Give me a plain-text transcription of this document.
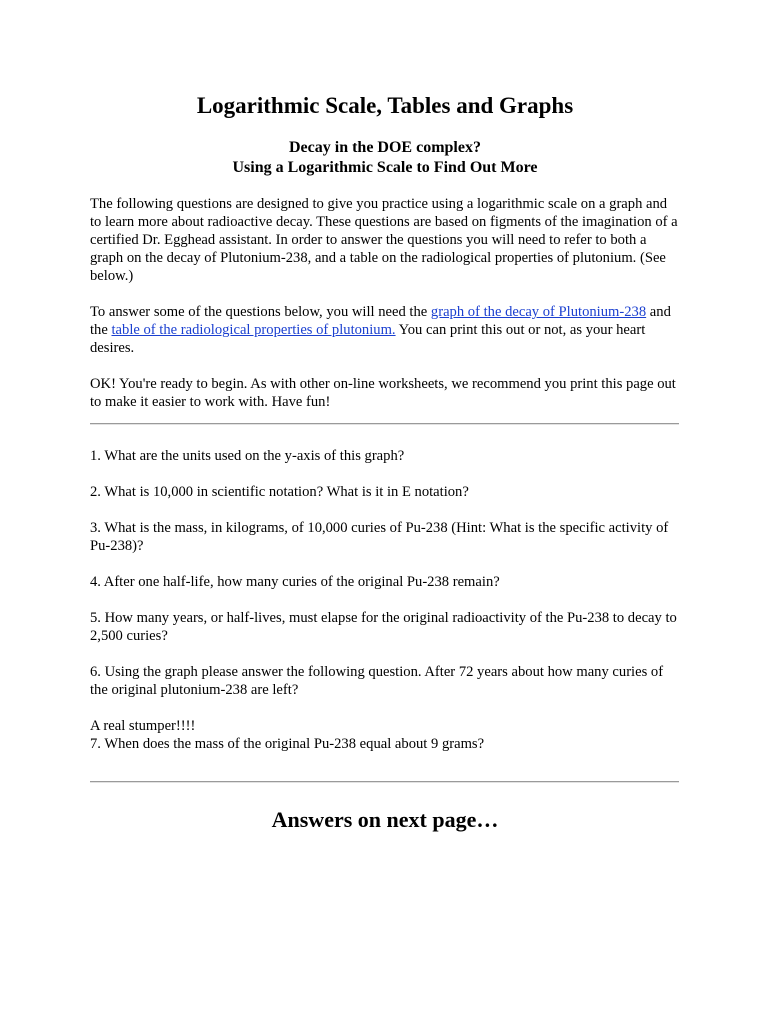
Logarithmic Scale, Tables and Graphs
Decay in the DOE complex?
Using a Logarithmic Scale to Find Out More

The following questions are designed to give you practice using a logarithmic scale on a graph and to learn more about radioactive decay. These questions are based on figments of the imagination of a certified Dr. Egghead assistant. In order to answer the questions you will need to refer to both a graph on the decay of Plutonium-238, and a table on the radiological properties of plutonium. (See below.)

To answer some of the questions below, you will need the graph of the decay of Plutonium-238 and the table of the radiological properties of plutonium. You can print this out or not, as your heart desires.

OK! You're ready to begin. As with other on-line worksheets, we recommend you print this page out to make it easier to work with. Have fun!

1. What are the units used on the y-axis of this graph?

2. What is 10,000 in scientific notation? What is it in E notation?

3. What is the mass, in kilograms, of 10,000 curies of Pu-238 (Hint: What is the specific activity of Pu-238)?

4. After one half-life, how many curies of the original Pu-238 remain?

5. How many years, or half-lives, must elapse for the original radioactivity of the Pu-238 to decay to 2,500 curies?

6. Using the graph please answer the following question. After 72 years about how many curies of the original plutonium-238 are left?

A real stumper!!!!

7. When does the mass of the original Pu-238 equal about 9 grams?

Answers on next page…
